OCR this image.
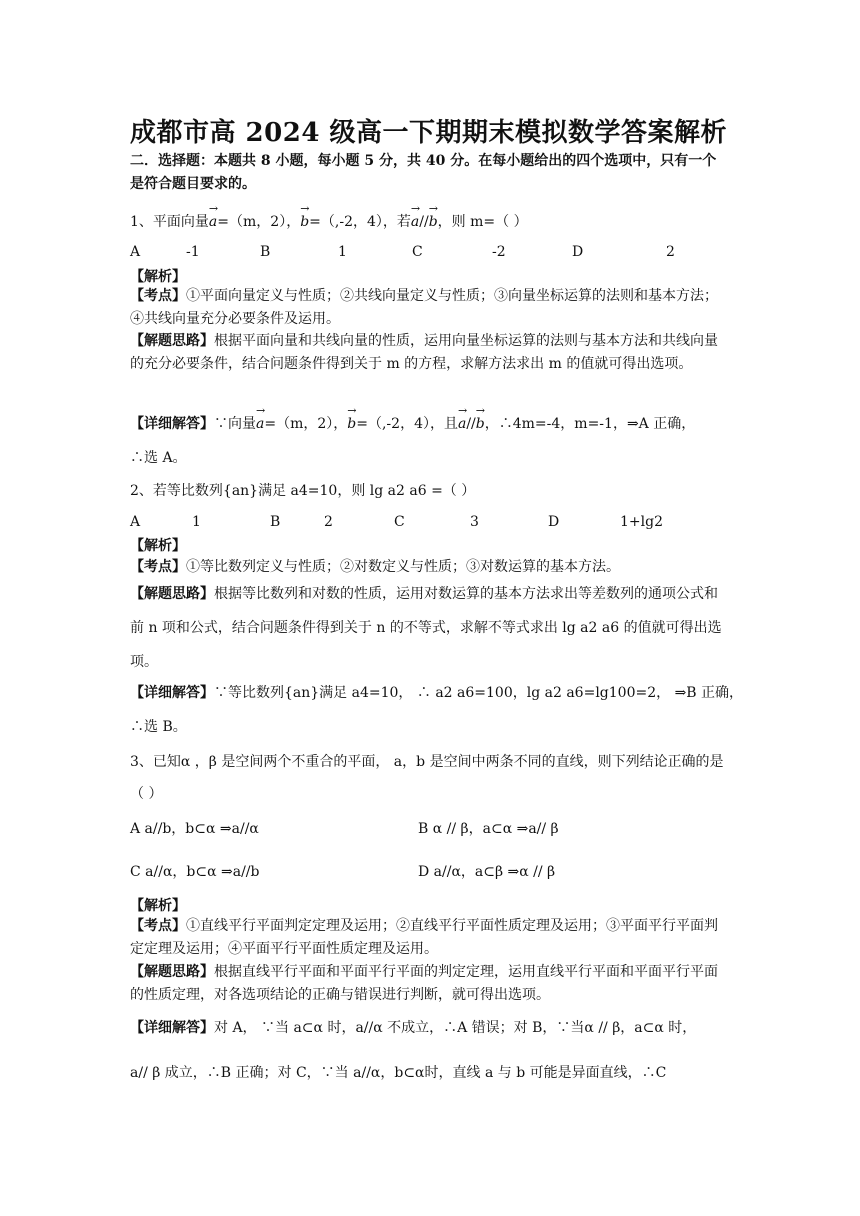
成都市高 2024 级高一下期期末模拟数学答案解析
二．选择题：本题共 8 小题，每小题 5 分，共 40 分。在每小题给出的四个选项中，只有一个是符合题目要求的。
1、平面向量→ a=（m，2），→ b=（,-2，4），若→ a//→ b，则 m=（ ）
A	-1	B	1	C	-2	D	2
【解析】
【考点】①平面向量定义与性质；②共线向量定义与性质；③向量坐标运算的法则和基本方法；④共线向量充分必要条件及运用。
【解题思路】根据平面向量和共线向量的性质，运用向量坐标运算的法则与基本方法和共线向量的充分必要条件，结合问题条件得到关于 m 的方程，求解方法求出 m 的值就可得出选项。
【详细解答】∵向量→ a=（m，2），→ b=（,-2，4），且→ a//→ b，∴4m=-4，m=-1，⇒A 正确，
∴选 A。
2、若等比数列{an}满足 a4=10，则 lg a2 a6 =（ ）
A	1	B	2	C	3	D	1+lg2
【解析】
【考点】①等比数列定义与性质；②对数定义与性质；③对数运算的基本方法。
【解题思路】根据等比数列和对数的性质，运用对数运算的基本方法求出等差数列的通项公式和前 n 项和公式，结合问题条件得到关于 n 的不等式，求解不等式求出 lg a2 a6 的值就可得出选项。
【详细解答】∵等比数列{an}满足 a4=10， ∴ a2 a6=100，lg a2 a6=lg100=2， ⇒B 正确，
∴选 B。
3、已知α ，β 是空间两个不重合的平面， a，b 是空间中两条不同的直线，则下列结论正确的是（ ）
A a//b，b⊂α ⇒a//α	B α // β，a⊂α ⇒a// β
C a//α，b⊂α ⇒a//b	D a//α，a⊂β ⇒α // β
【解析】
【考点】①直线平行平面判定定理及运用；②直线平行平面性质定理及运用；③平面平行平面判定定理及运用；④平面平行平面性质定理及运用。
【解题思路】根据直线平行平面和平面平行平面的判定定理，运用直线平行平面和平面平行平面的性质定理，对各选项结论的正确与错误进行判断，就可得出选项。
【详细解答】对 A， ∵当 a⊂α 时，a//α 不成立，∴A 错误；对 B，∵当α // β，a⊂α 时，
a// β 成立，∴B 正确；对 C，∵当 a//α，b⊂α时，直线 a 与 b 可能是异面直线，∴C
